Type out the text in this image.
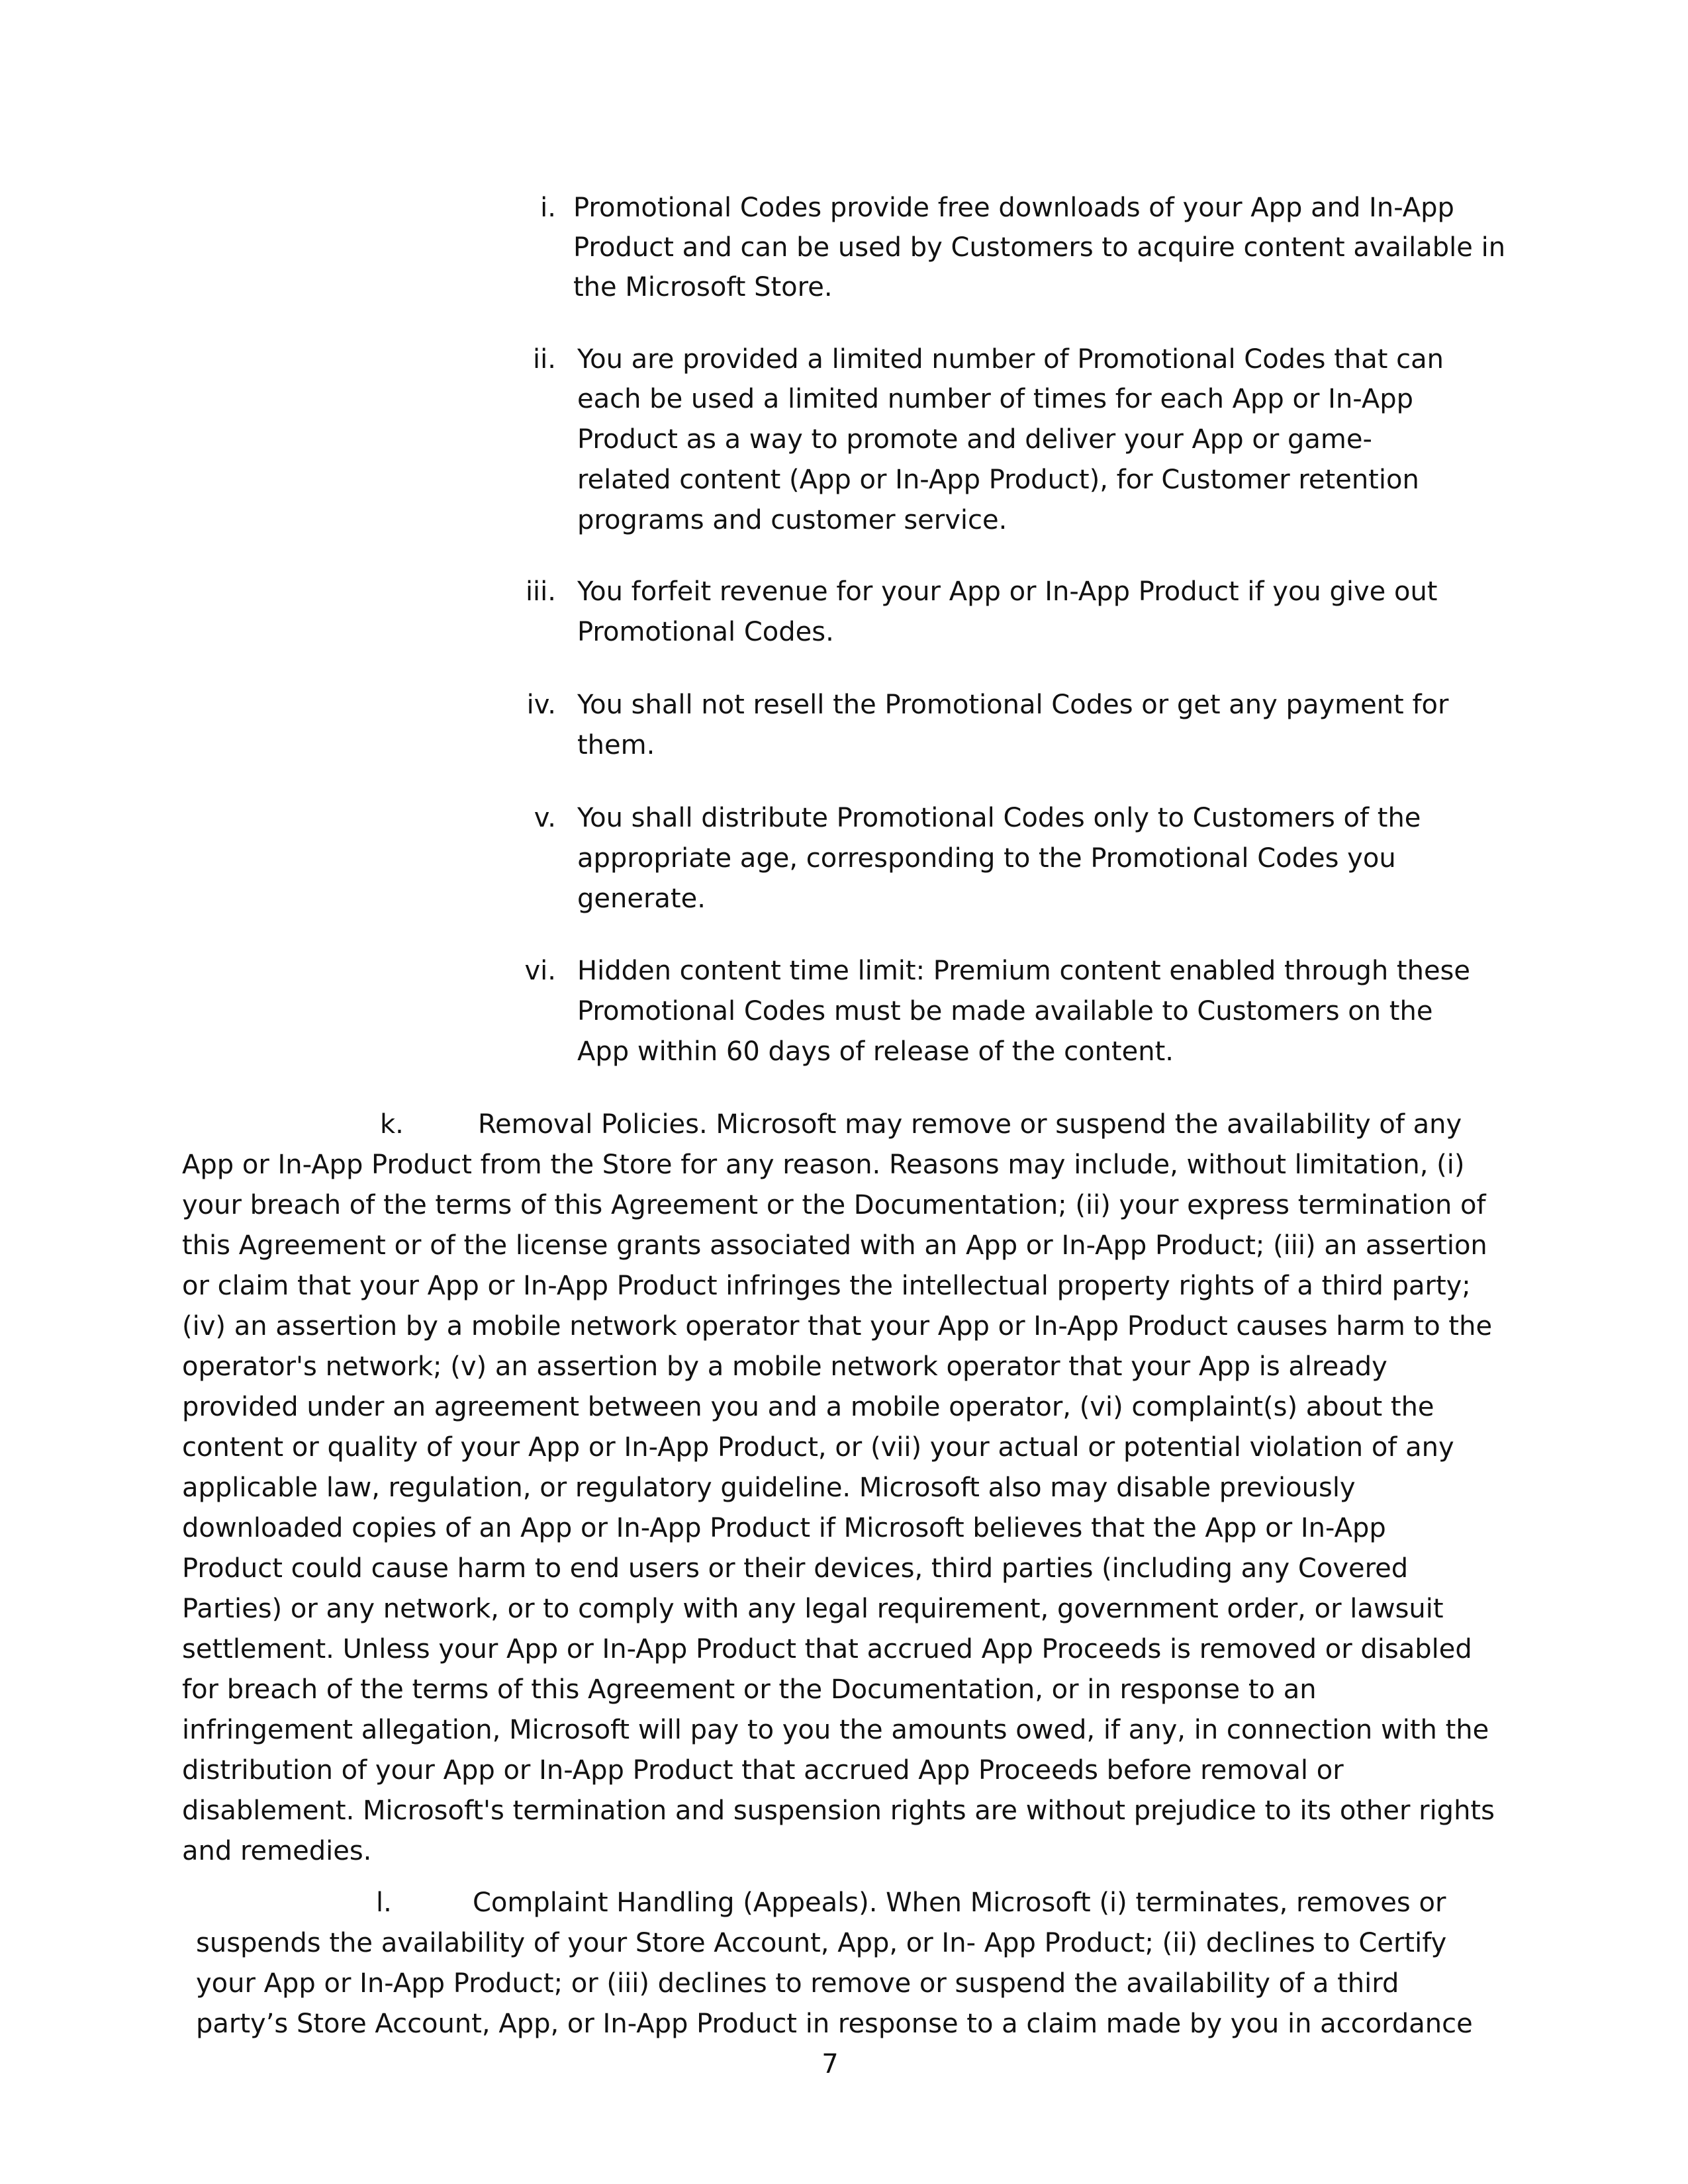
i. Promotional Codes provide free downloads of your App and In-App

Product and can be used by Customers to acquire content available in

the Microsoft Store.

ii. You are provided a limited number of Promotional Codes that can

each be used a limited number of times for each App or In-App

Product as a way to promote and deliver your App or game-

related content (App or In-App Product), for Customer retention

programs and customer service.

iii. You forfeit revenue for your App or In-App Product if you give out

Promotional Codes.

iv. You shall not resell the Promotional Codes or get any payment for

them.

v. You shall distribute Promotional Codes only to Customers of the

appropriate age, corresponding to the Promotional Codes you

generate.

vi. Hidden content time limit: Premium content enabled through these

Promotional Codes must be made available to Customers on the

App within 60 days of release of the content.

k.	Removal Policies. Microsoft may remove or suspend the availability of any

App or In-App Product from the Store for any reason. Reasons may include, without limitation, (i)

your breach of the terms of this Agreement or the Documentation; (ii) your express termination of

this Agreement or of the license grants associated with an App or In-App Product; (iii) an assertion

or claim that your App or In-App Product infringes the intellectual property rights of a third party;

(iv) an assertion by a mobile network operator that your App or In-App Product causes harm to the

operator's network; (v) an assertion by a mobile network operator that your App is already

provided under an agreement between you and a mobile operator, (vi) complaint(s) about the

content or quality of your App or In-App Product, or (vii) your actual or potential violation of any

applicable law, regulation, or regulatory guideline. Microsoft also may disable previously

downloaded copies of an App or In-App Product if Microsoft believes that the App or In-App

Product could cause harm to end users or their devices, third parties (including any Covered

Parties) or any network, or to comply with any legal requirement, government order, or lawsuit

settlement. Unless your App or In-App Product that accrued App Proceeds is removed or disabled

for breach of the terms of this Agreement or the Documentation, or in response to an

infringement allegation, Microsoft will pay to you the amounts owed, if any, in connection with the

distribution of your App or In-App Product that accrued App Proceeds before removal or

disablement. Microsoft's termination and suspension rights are without prejudice to its other rights

and remedies.

l.	Complaint Handling (Appeals). When Microsoft (i) terminates, removes or

suspends the availability of your Store Account, App, or In- App Product; (ii) declines to Certify

your App or In-App Product; or (iii) declines to remove or suspend the availability of a third

party’s Store Account, App, or In-App Product in response to a claim made by you in accordance

7
